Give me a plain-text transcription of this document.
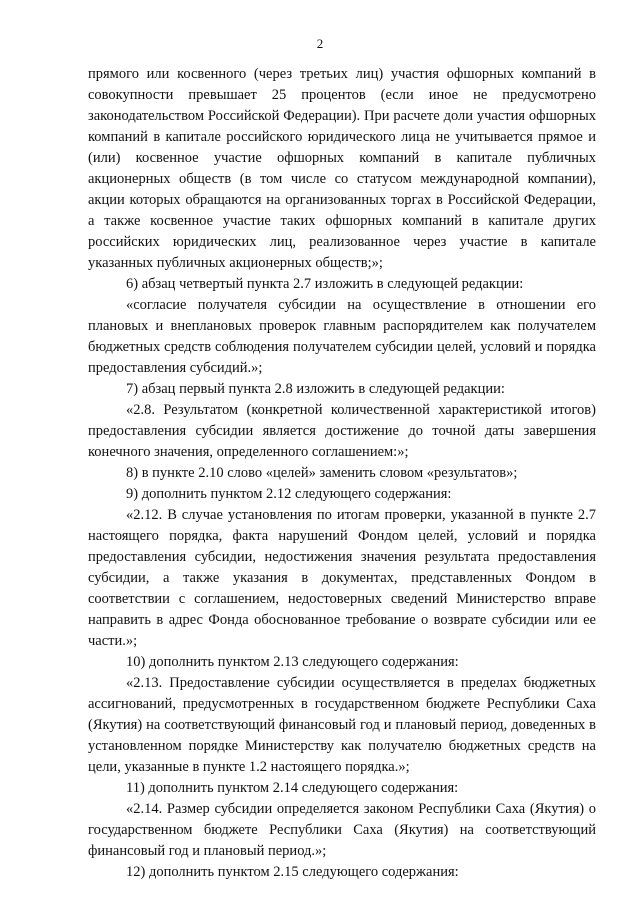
2

прямого или косвенного (через третьих лиц) участия офшорных компаний в совокупности превышает 25 процентов (если иное не предусмотрено законодательством Российской Федерации). При расчете доли участия офшорных компаний в капитале российского юридического лица не учитывается прямое и (или) косвенное участие офшорных компаний в капитале публичных акционерных обществ (в том числе со статусом международной компании), акции которых обращаются на организованных торгах в Российской Федерации, а также косвенное участие таких офшорных компаний в капитале других российских юридических лиц, реализованное через участие в капитале указанных публичных акционерных обществ;»;

6) абзац четвертый пункта 2.7 изложить в следующей редакции:

«согласие получателя субсидии на осуществление в отношении его плановых и внеплановых проверок главным распорядителем как получателем бюджетных средств соблюдения получателем субсидии целей, условий и порядка предоставления субсидий.»;

7) абзац первый пункта 2.8 изложить в следующей редакции:

«2.8. Результатом (конкретной количественной характеристикой итогов) предоставления субсидии является достижение до точной даты завершения конечного значения, определенного соглашением:»;

8) в пункте 2.10 слово «целей» заменить словом «результатов»;

9) дополнить пунктом 2.12 следующего содержания:

«2.12. В случае установления по итогам проверки, указанной в пункте 2.7 настоящего порядка, факта нарушений Фондом целей, условий и порядка предоставления субсидии, недостижения значения результата предоставления субсидии, а также указания в документах, представленных Фондом в соответствии с соглашением, недостоверных сведений Министерство вправе направить в адрес Фонда обоснованное требование о возврате субсидии или ее части.»;

10) дополнить пунктом 2.13 следующего содержания:

«2.13. Предоставление субсидии осуществляется в пределах бюджетных ассигнований, предусмотренных в государственном бюджете Республики Саха (Якутия) на соответствующий финансовый год и плановый период, доведенных в установленном порядке Министерству как получателю бюджетных средств на цели, указанные в пункте 1.2 настоящего порядка.»;

11) дополнить пунктом 2.14 следующего содержания:

«2.14. Размер субсидии определяется законом Республики Саха (Якутия) о государственном бюджете Республики Саха (Якутия) на соответствующий финансовый год и плановый период.»;

12) дополнить пунктом 2.15 следующего содержания:
